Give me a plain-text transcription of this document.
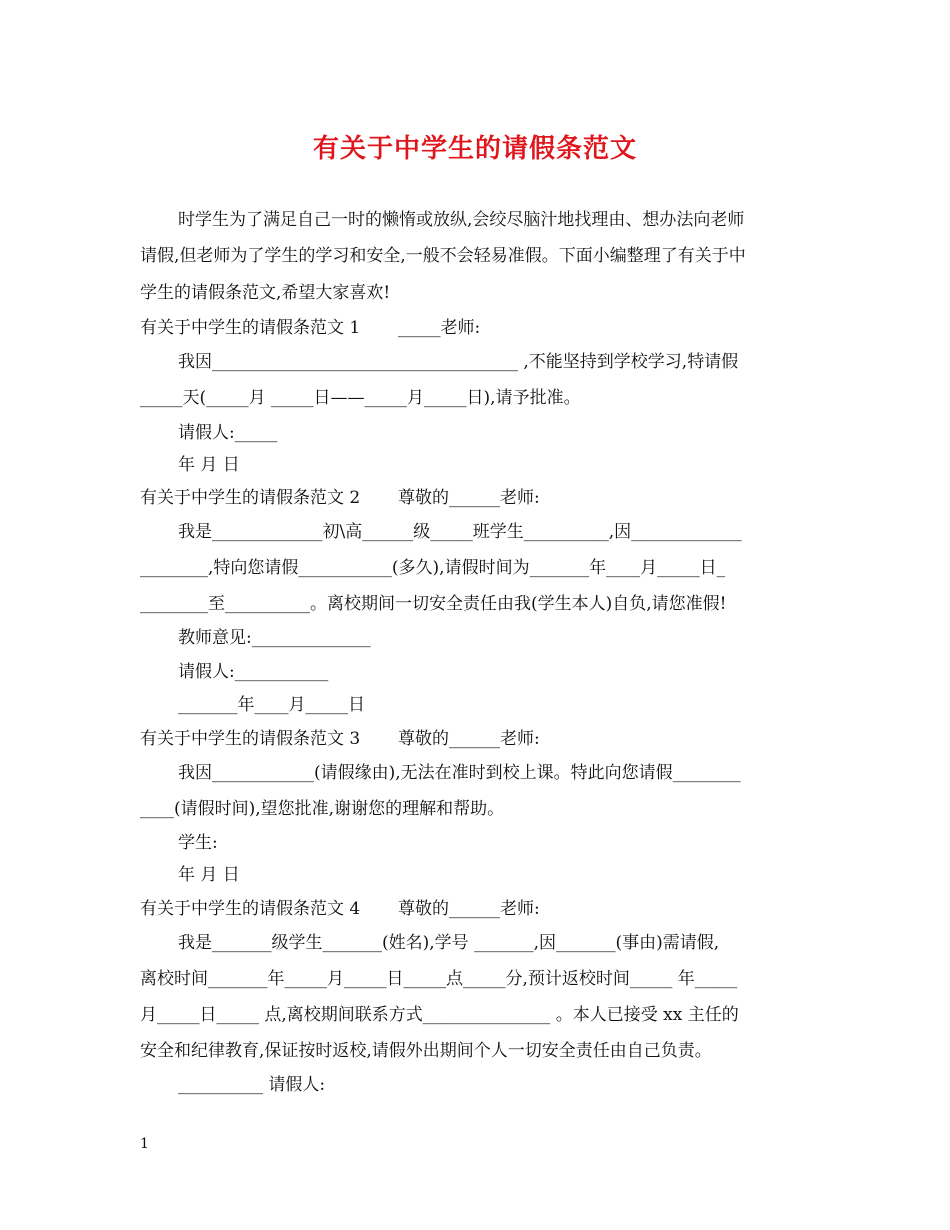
有关于中学生的请假条范文
时学生为了满足自己一时的懒惰或放纵,会绞尽脑汁地找理由、想办法向老师
请假,但老师为了学生的学习和安全,一般不会轻易准假。下面小编整理了有关于中
学生的请假条范文,希望大家喜欢!
有关于中学生的请假条范文 1       _____老师:
我因____________________________________ ,不能坚持到学校学习,特请假
_____天(_____月 _____日——_____月_____日),请予批准。
请假人:_____
年 月 日
有关于中学生的请假条范文 2       尊敬的______老师:
我是_____________初\高______级_____班学生__________,因_____________
________,特向您请假___________(多久),请假时间为_______年____月_____日_
________至__________。离校期间一切安全责任由我(学生本人)自负,请您准假!
教师意见:______________
请假人:___________
_______年____月_____日
有关于中学生的请假条范文 3       尊敬的______老师:
我因____________(请假缘由),无法在准时到校上课。特此向您请假________
____(请假时间),望您批准,谢谢您的理解和帮助。
学生:
年 月 日
有关于中学生的请假条范文 4       尊敬的______老师:
我是_______级学生_______(姓名),学号 _______,因_______(事由)需请假,
离校时间_______年_____月_____日_____点_____分,预计返校时间_____ 年_____
月_____日_____ 点,离校期间联系方式_______________ 。本人已接受 xx 主任的
安全和纪律教育,保证按时返校,请假外出期间个人一切安全责任由自己负责。
__________ 请假人:
1
